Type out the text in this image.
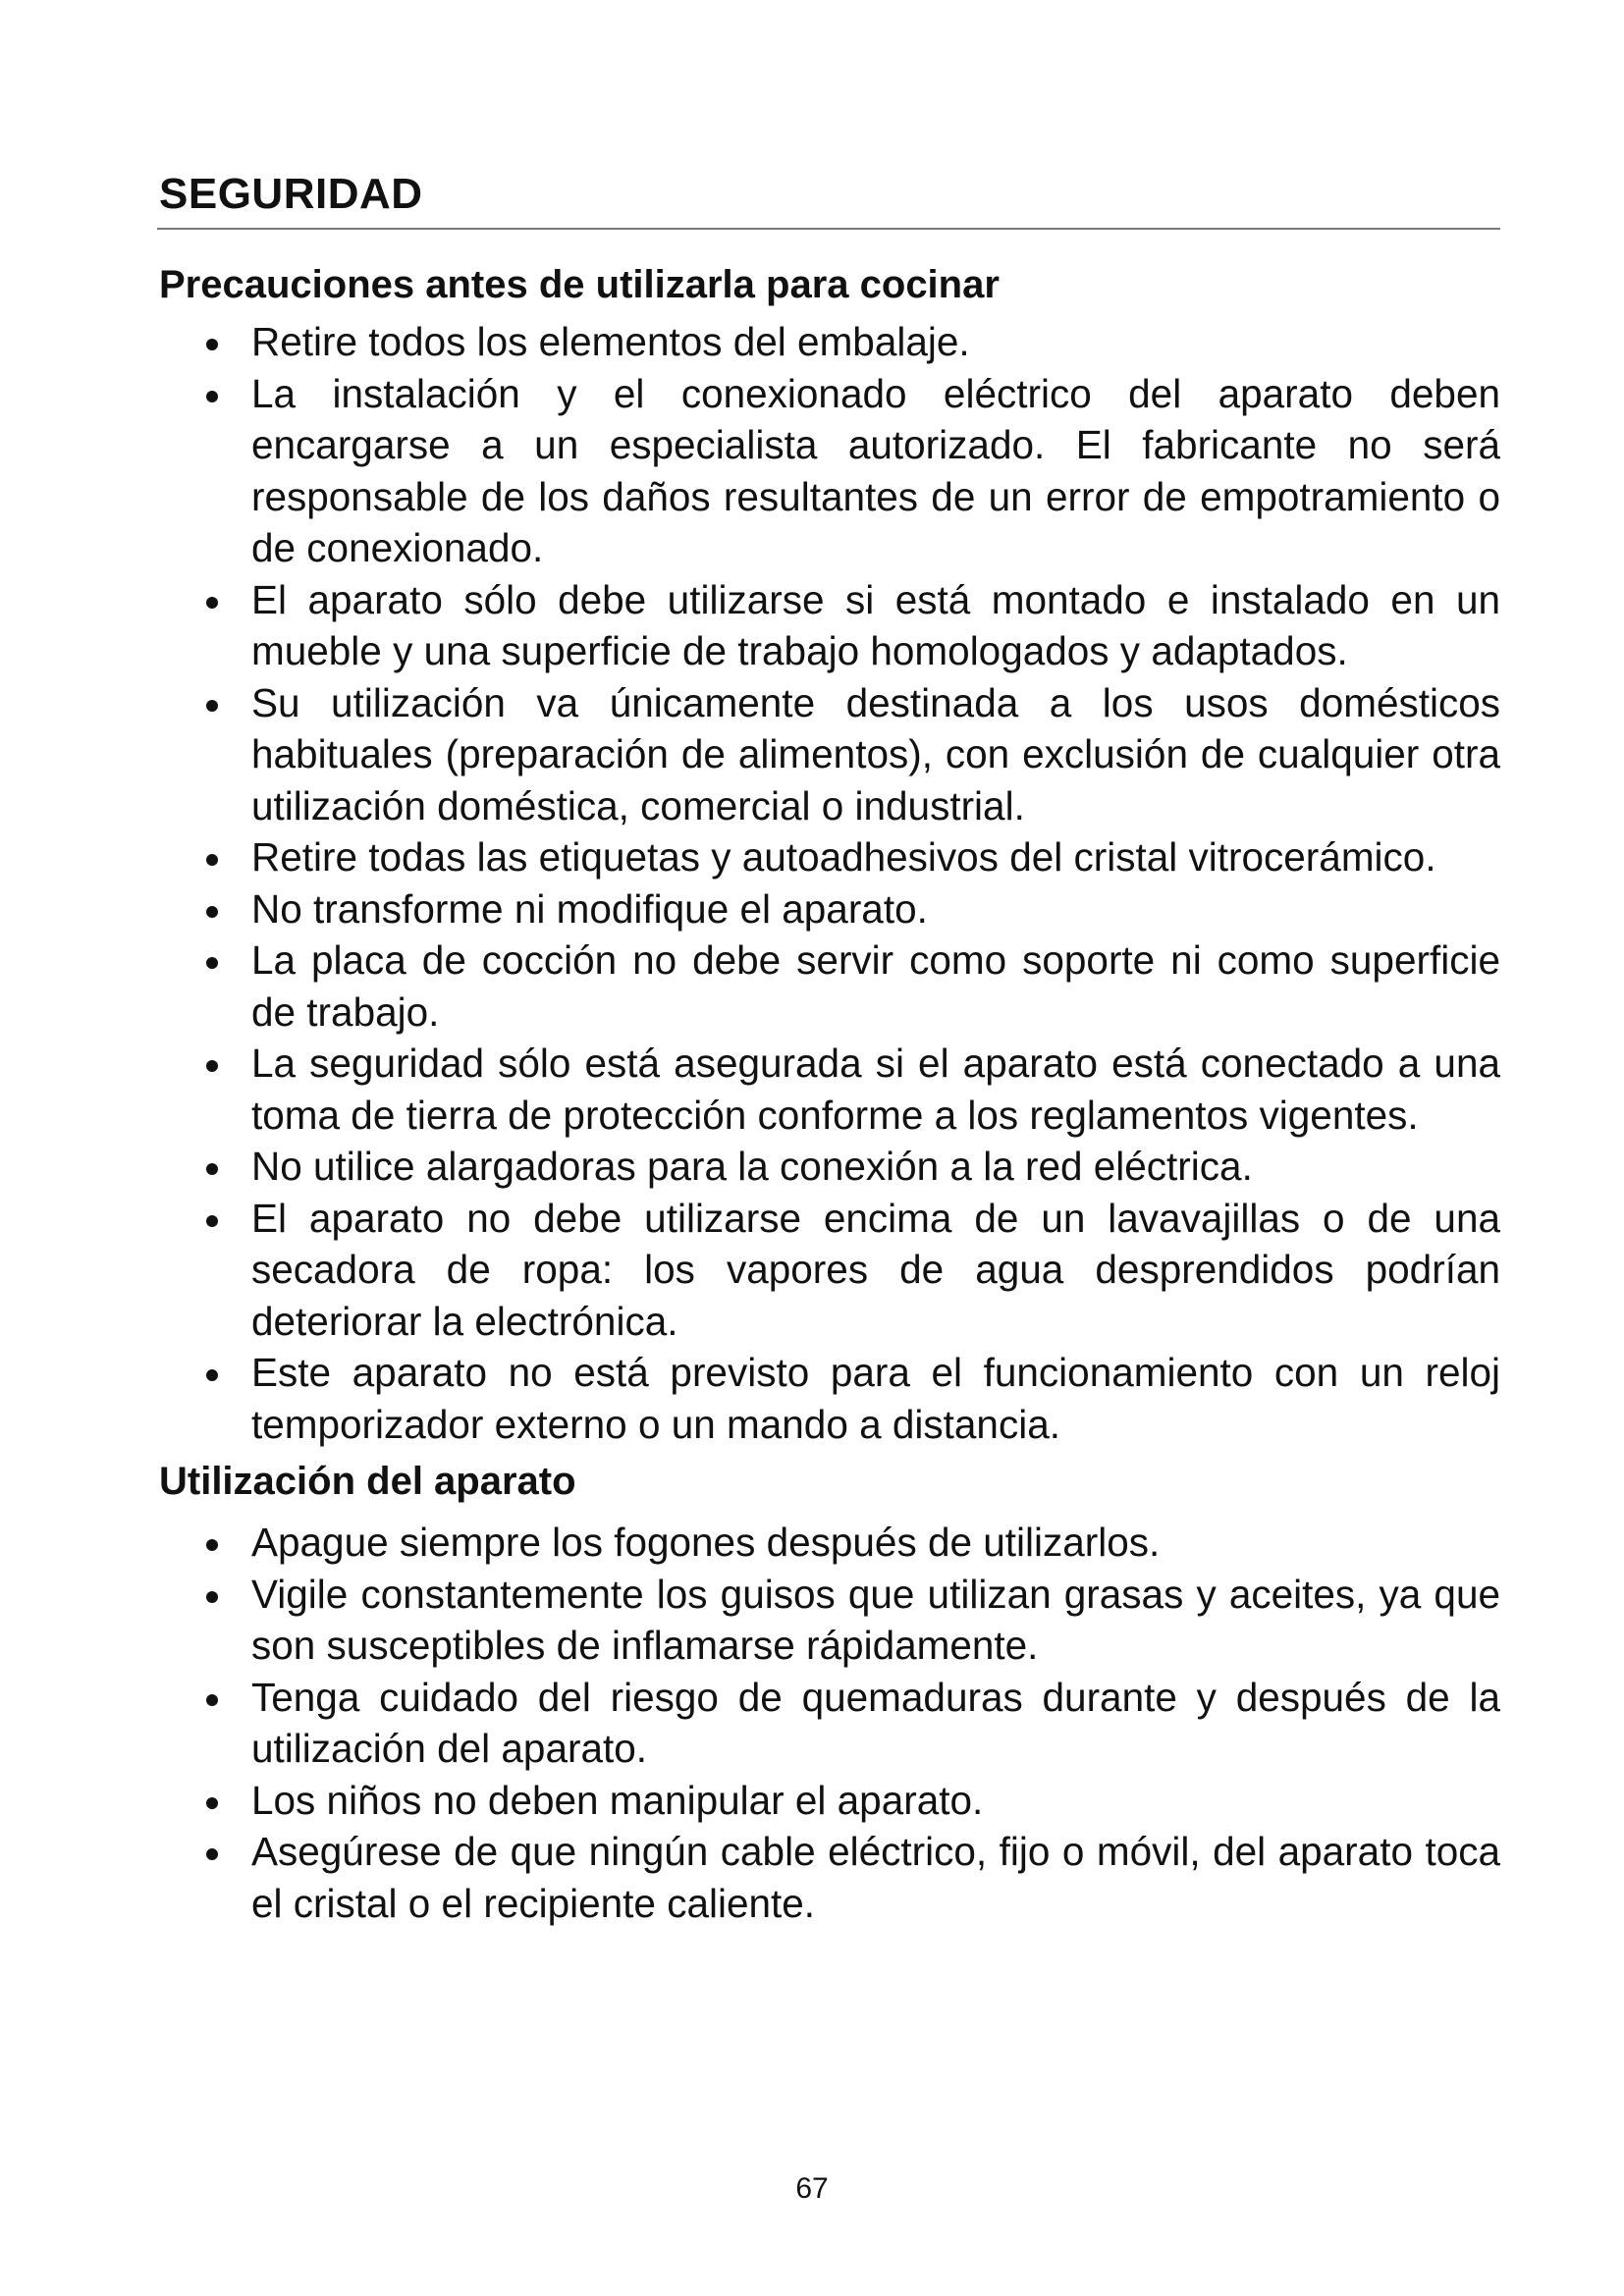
SEGURIDAD
Precauciones antes de utilizarla para cocinar
Retire todos los elementos del embalaje.
La instalación y el conexionado eléctrico del aparato deben encargarse a un especialista autorizado. El fabricante no será responsable de los daños resultantes de un error de empotramiento o de conexionado.
El aparato sólo debe utilizarse si está montado e instalado en un mueble y una superficie de trabajo homologados y adaptados.
Su utilización va únicamente destinada a los usos domésticos habituales (preparación de alimentos), con exclusión de cualquier otra utilización doméstica, comercial o industrial.
Retire todas las etiquetas y autoadhesivos del cristal vitrocerámico.
No transforme ni modifique el aparato.
La placa de cocción no debe servir como soporte ni como superficie de trabajo.
La seguridad sólo está asegurada si el aparato está conectado a una toma de tierra de protección conforme a los reglamentos vigentes.
No utilice alargadoras para la conexión a la red eléctrica.
El aparato no debe utilizarse encima de un lavavajillas o de una secadora de ropa: los vapores de agua desprendidos podrían deteriorar la electrónica.
Este aparato no está previsto para el funcionamiento con un reloj temporizador externo o un mando a distancia.
Utilización del aparato
Apague siempre los fogones después de utilizarlos.
Vigile constantemente los guisos que utilizan grasas y aceites, ya que son susceptibles de inflamarse rápidamente.
Tenga cuidado del riesgo de quemaduras durante y después de la utilización del aparato.
Los niños no deben manipular el aparato.
Asegúrese de que ningún cable eléctrico, fijo o móvil, del aparato toca el cristal o el recipiente caliente.
67
